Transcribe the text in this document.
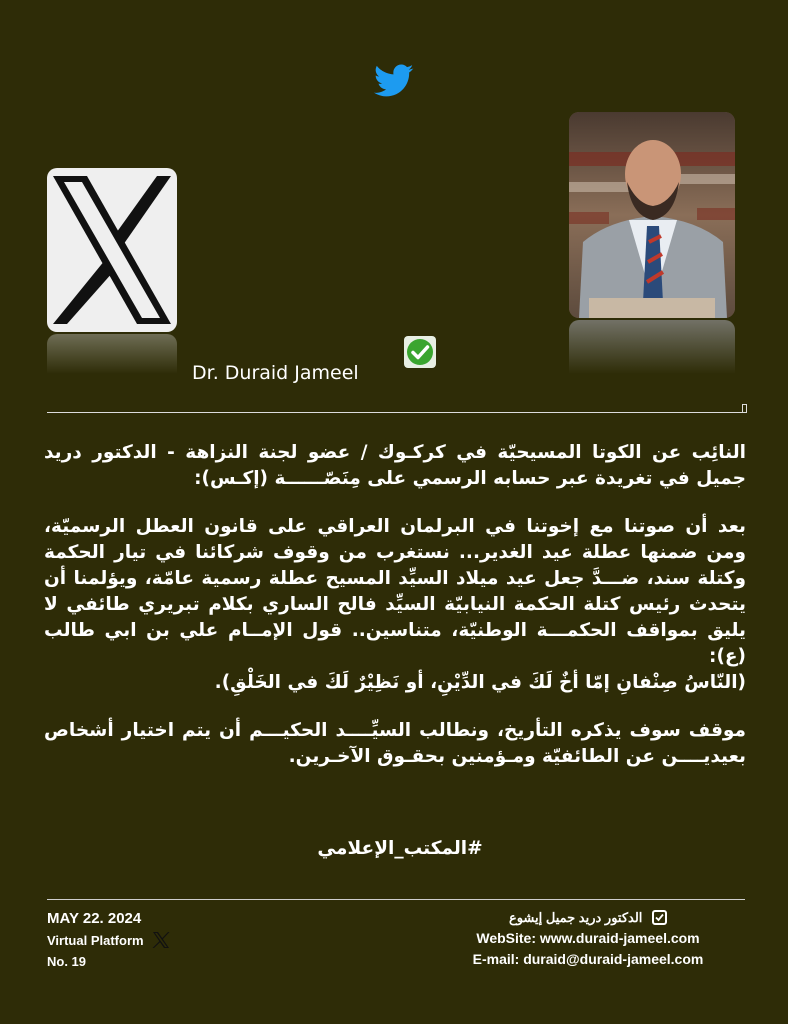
Dr. Duraid Jameel

النائِب عن الكوتا المسيحيّة في كركـوك / عضو لجنة النزاهة - الدكتور دريد جميل في تغريدة عبر حسابه الرسمي على مِنَصّــــــة (إكـس):

بعد أن صوتنا مع إخوتنا في البرلمان العراقي على قانون العطل الرسميّة، ومن ضمنها عطلة عيد الغدير... نستغرب من وقوف شركائنا في تيار الحكمة وكتلة سند، ضـــدَّ جعل عيد ميلاد السيِّد المسيح عطلة رسمية عامّة، ويؤلمنا أن يتحدث رئيس كتلة الحكمة النيابيّة السيِّد فالح الساري بكلام تبريري طائفي لا يليق بمواقف الحكمـــة الوطنيّة، متناسين.. قول الإمــام علي بن ابي طالب (ع):

(النّاسُ صِنْفانِ إمّا أخٌ لَكَ في الدِّيْنِ، أو نَظِيْرٌ لَكَ في الخَلْقِ).

موقف سوف يذكره التأريخ، ونطالب السيِّــــد الحكيـــم أن يتم اختيار أشخاص بعيديــــن عن الطائفيّة ومـؤمنين بحقـوق الآخـرين.

#المكتب_الإعلامي
MAY 22. 2024
Virtual Platform
No. 19
الدكتور دريد جميل إيشوع
WebSite: www.duraid-jameel.com
E-mail: duraid@duraid-jameel.com
